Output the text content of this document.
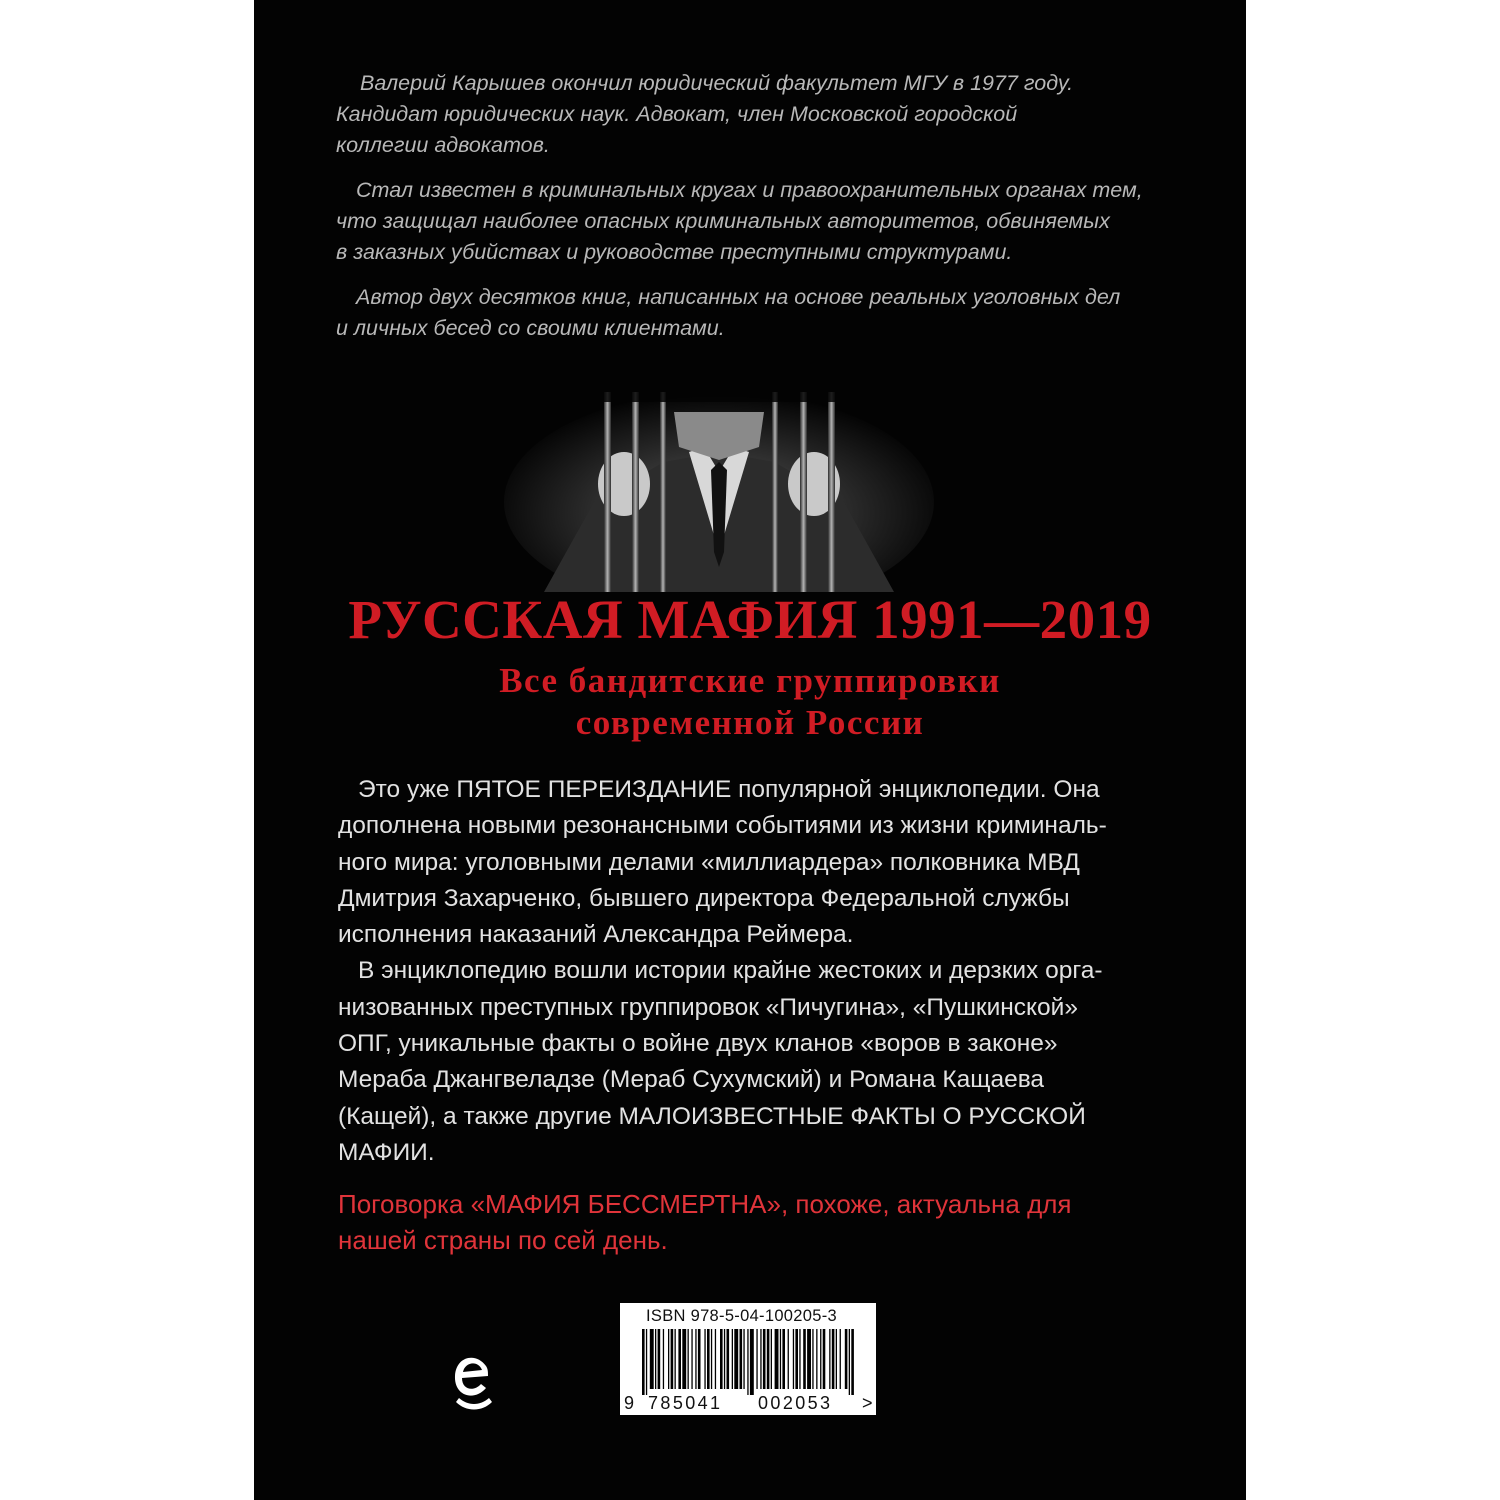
Валерий Карышев окончил юридический факультет МГУ в 1977 году.
Кандидат юридических наук. Адвокат, член Московской городской
коллегии адвокатов.

Стал известен в криминальных кругах и правоохранительных органах тем,
что защищал наиболее опасных криминальных авторитетов, обвиняемых
в заказных убийствах и руководстве преступными структурами.

Автор двух десятков книг, написанных на основе реальных уголовных дел
и личных бесед со своими клиентами.

РУССКАЯ МАФИЯ 1991—2019
Все бандитские группировки
современной России

Это уже ПЯТОЕ ПЕРЕИЗДАНИЕ популярной энциклопедии. Она
дополнена новыми резонансными событиями из жизни криминаль-
ного мира: уголовными делами «миллиардера» полковника МВД
Дмитрия Захарченко, бывшего директора Федеральной службы
исполнения наказаний Александра Реймера.

В энциклопедию вошли истории крайне жестоких и дерзких орга-
низованных преступных группировок «Пичугина», «Пушкинской»
ОПГ, уникальные факты о войне двух кланов «воров в законе»
Мераба Джангвеладзе (Мераб Сухумский) и Романа Кащаева
(Кащей), а также другие МАЛОИЗВЕСТНЫЕ ФАКТЫ О РУССКОЙ
МАФИИ.

Поговорка «МАФИЯ БЕССМЕРТНА», похоже, актуальна для
нашей страны по сей день.
ISBN 978-5-04-100205-3
9 785041 002053 >
